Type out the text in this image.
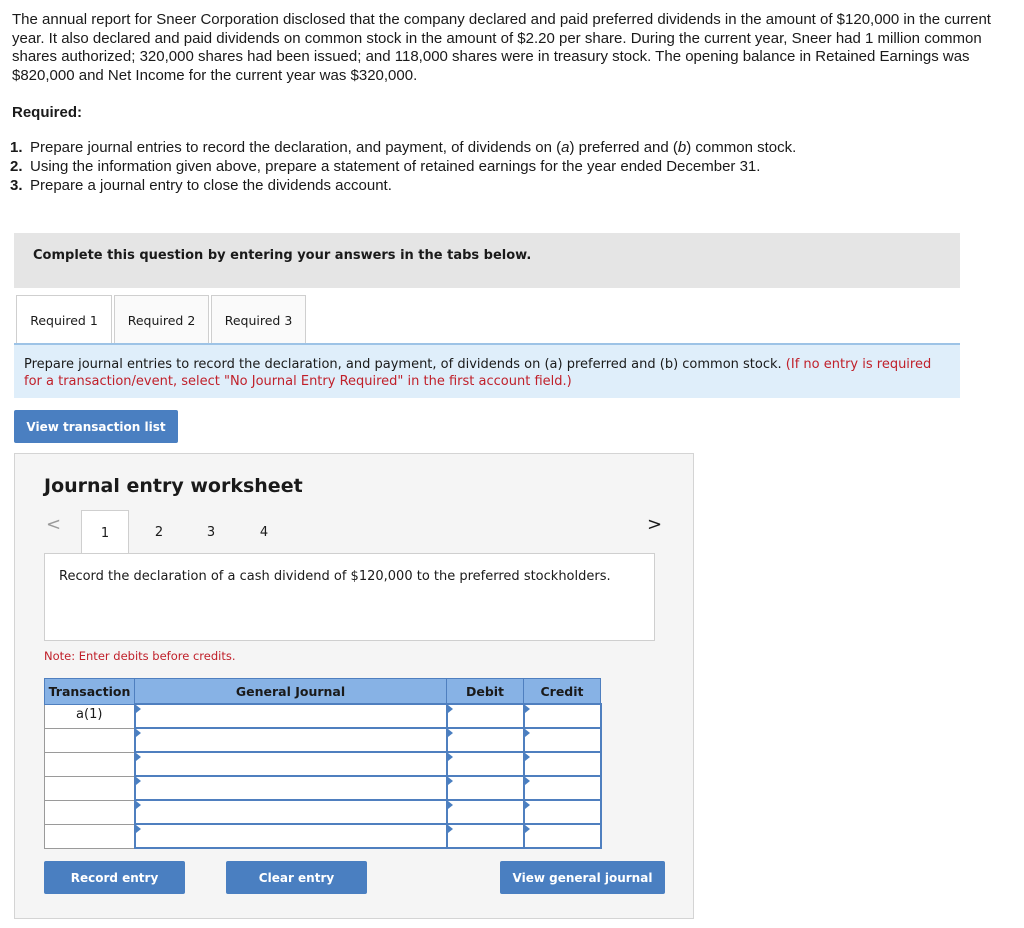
The annual report for Sneer Corporation disclosed that the company declared and paid preferred dividends in the amount of $120,000 in the current year. It also declared and paid dividends on common stock in the amount of $2.20 per share. During the current year, Sneer had 1 million common shares authorized; 320,000 shares had been issued; and 118,000 shares were in treasury stock. The opening balance in Retained Earnings was $820,000 and Net Income for the current year was $320,000.

Required:

1. Prepare journal entries to record the declaration, and payment, of dividends on (a) preferred and (b) common stock.
2. Using the information given above, prepare a statement of retained earnings for the year ended December 31.
3. Prepare a journal entry to close the dividends account.
Complete this question by entering your answers in the tabs below.
Required 1	Required 2	Required 3
Prepare journal entries to record the declaration, and payment, of dividends on (a) preferred and (b) common stock. (If no entry is required for a transaction/event, select "No Journal Entry Required" in the first account field.)
View transaction list
Journal entry worksheet
<	1	2	3	4	>
Record the declaration of a cash dividend of $120,000 to the preferred stockholders.
Note: Enter debits before credits.
Transaction	General Journal	Debit	Credit
a(1)			

Record entry	Clear entry	View general journal
